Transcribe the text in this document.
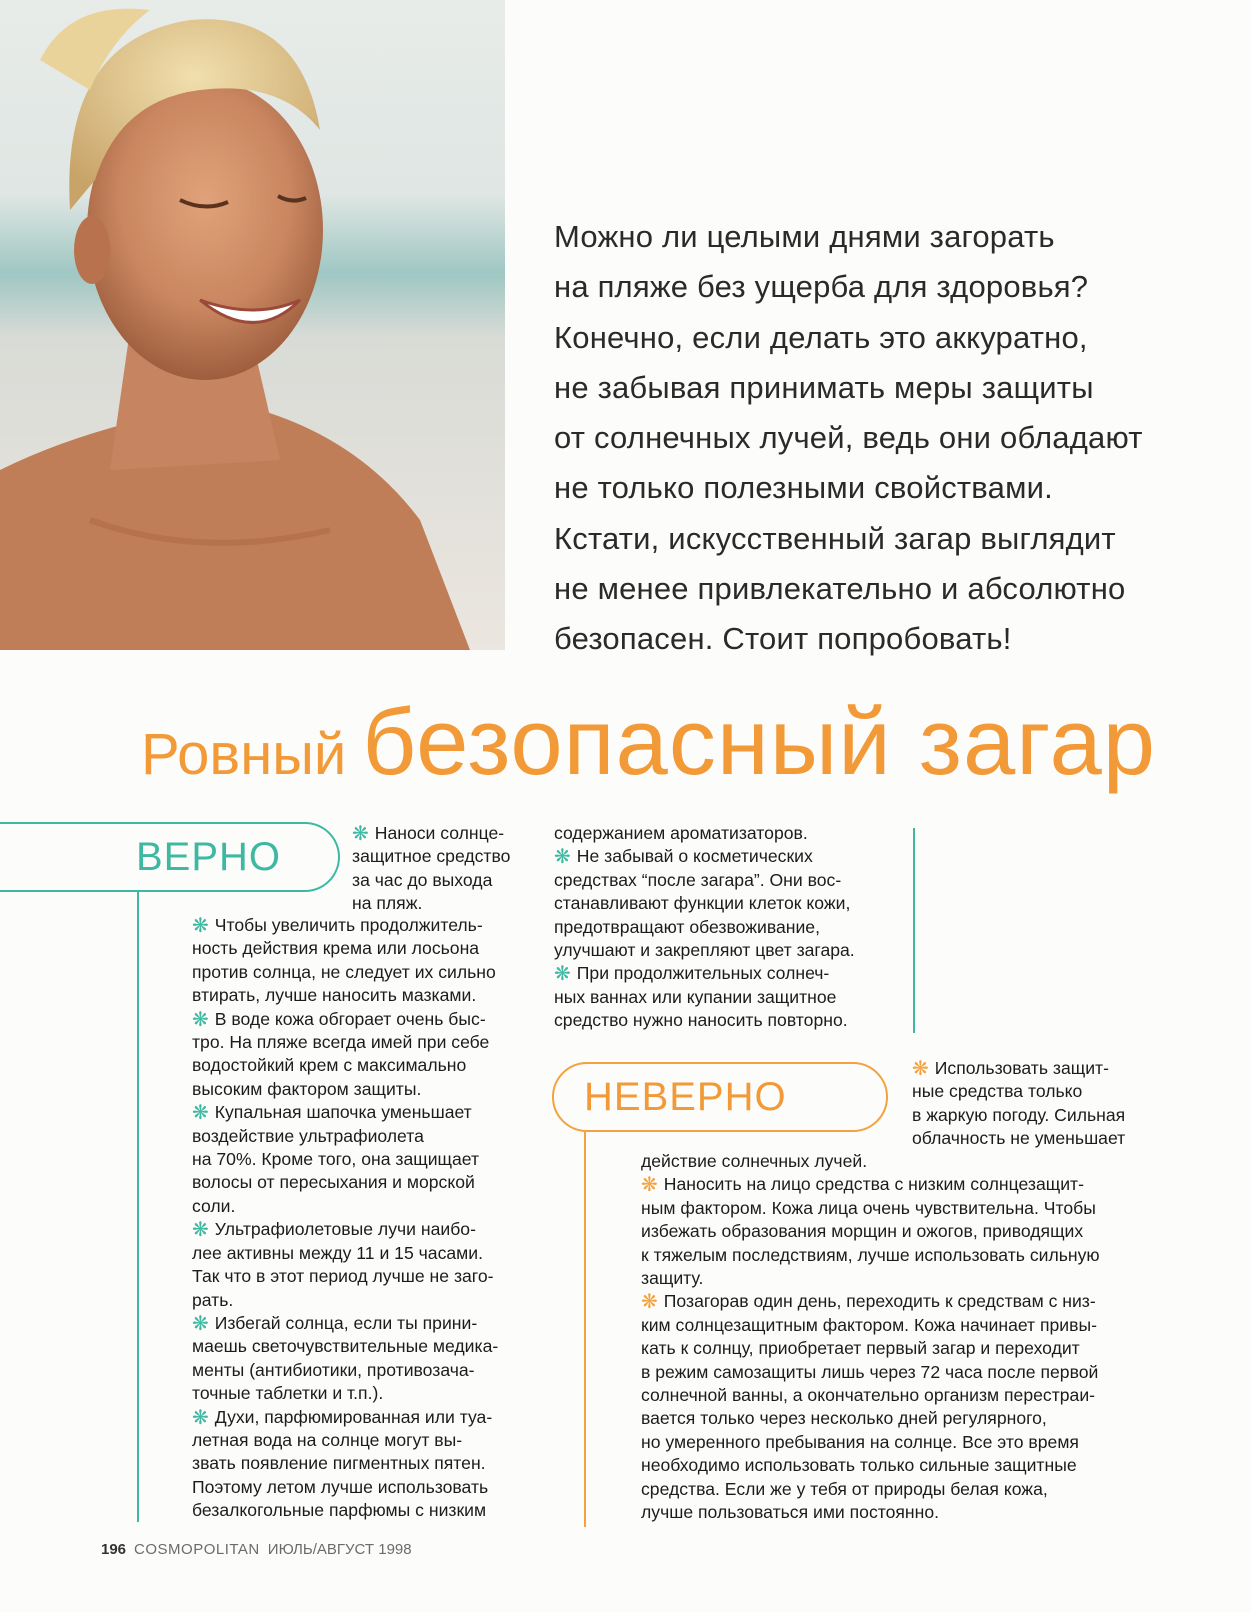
Можно ли целыми днями загорать
на пляже без ущерба для здоровья?
Конечно, если делать это аккуратно,
не забывая принимать меры защиты
от солнечных лучей, ведь они обладают
не только полезными свойствами.
Кстати, искусственный загар выглядит
не менее привлекательно и абсолютно
безопасен. Стоит попробовать!
Ровный безопасный загар
ВЕРНО
НЕВЕРНО
❋ Наноси солнце-
защитное средство
за час до выхода
на пляж.
❋ Чтобы увеличить продолжитель-
ность действия крема или лосьона
против солнца, не следует их сильно
втирать, лучше наносить мазками.
❋ В воде кожа обгорает очень быс-
тро. На пляже всегда имей при себе
водостойкий крем с максимально
высоким фактором защиты.
❋ Купальная шапочка уменьшает
воздействие ультрафиолета
на 70%. Кроме того, она защищает
волосы от пересыхания и морской
соли.
❋ Ультрафиолетовые лучи наибо-
лее активны между 11 и 15 часами.
Так что в этот период лучше не заго-
рать.
❋ Избегай солнца, если ты прини-
маешь светочувствительные медика-
менты (антибиотики, противозача-
точные таблетки и т.п.).
❋ Духи, парфюмированная или туа-
летная вода на солнце могут вы-
звать появление пигментных пятен.
Поэтому летом лучше использовать
безалкогольные парфюмы с низким
содержанием ароматизаторов.
❋ Не забывай о косметических
средствах “после загара”. Они вос-
станавливают функции клеток кожи,
предотвращают обезвоживание,
улучшают и закрепляют цвет загара.
❋ При продолжительных солнеч-
ных ваннах или купании защитное
средство нужно наносить повторно.
❋ Использовать защит-
ные средства только
в жаркую погоду. Сильная
облачность не уменьшает
действие солнечных лучей.
❋ Наносить на лицо средства с низким солнцезащит-
ным фактором. Кожа лица очень чувствительна. Чтобы
избежать образования морщин и ожогов, приводящих
к тяжелым последствиям, лучше использовать сильную
защиту.
❋ Позагорав один день, переходить к средствам с низ-
ким солнцезащитным фактором. Кожа начинает привы-
кать к солнцу, приобретает первый загар и переходит
в режим самозащиты лишь через 72 часа после первой
солнечной ванны, а окончательно организм перестраи-
вается только через несколько дней регулярного,
но умеренного пребывания на солнце. Все это время
необходимо использовать только сильные защитные
средства. Если же у тебя от природы белая кожа,
лучше пользоваться ими постоянно.
196 COSMOPOLITAN ИЮЛЬ/АВГУСТ 1998
